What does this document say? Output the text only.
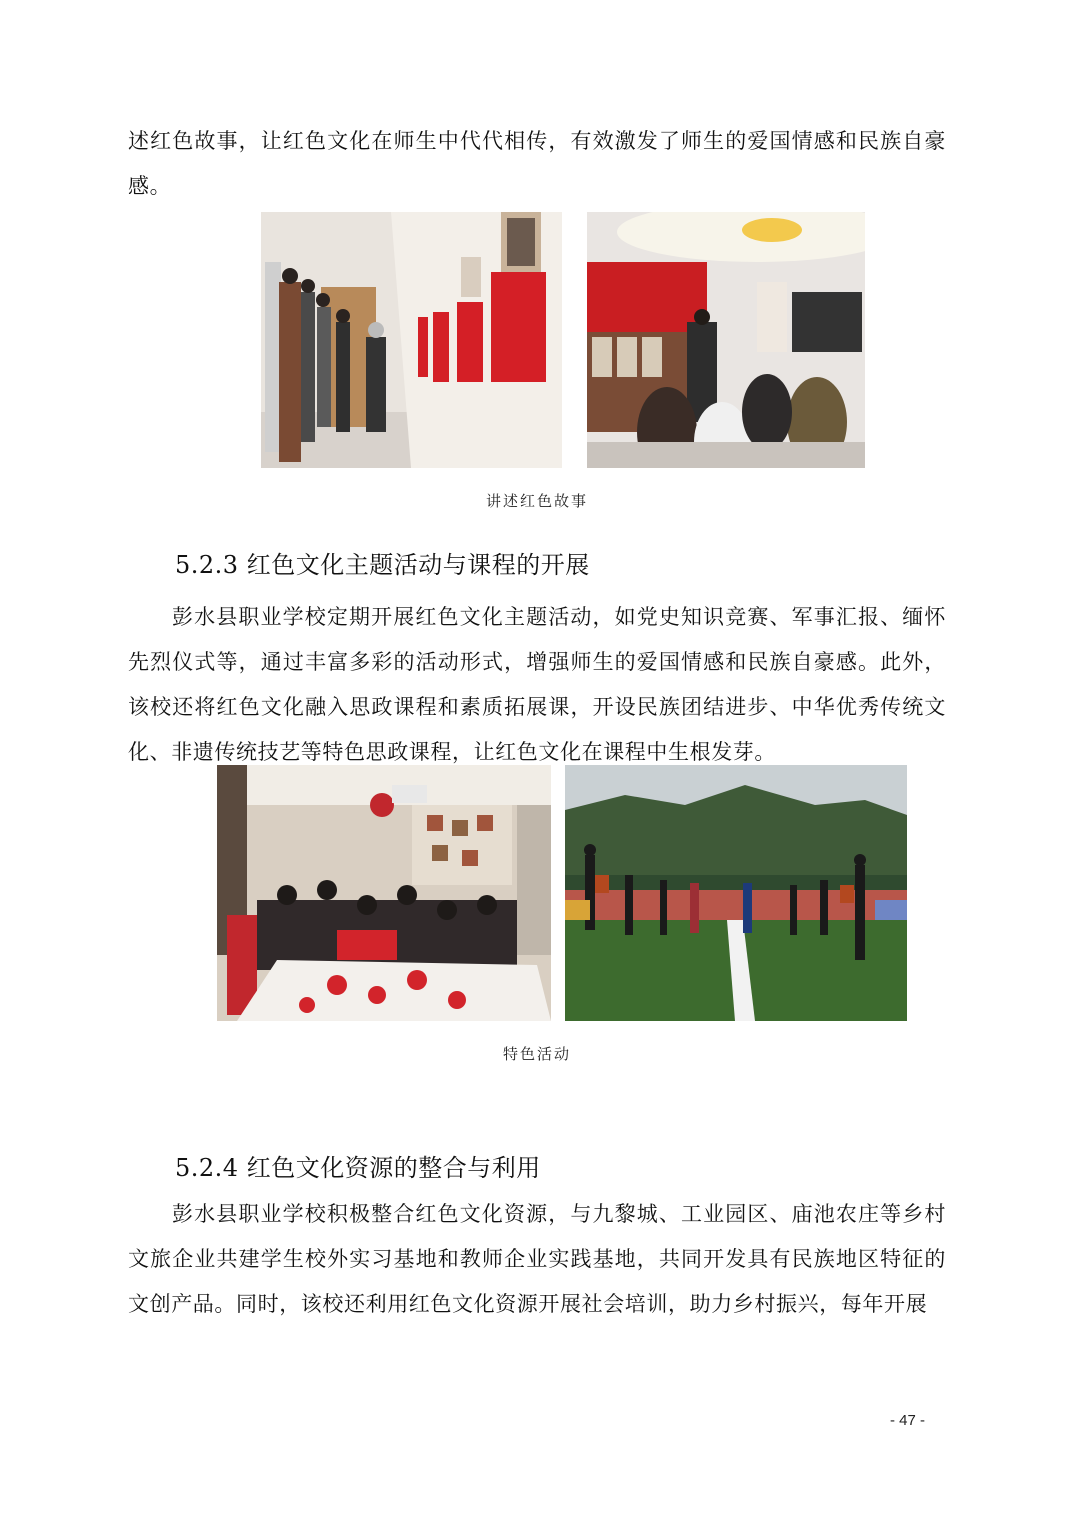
述红色故事，让红色文化在师生中代代相传，有效激发了师生的爱国情感和民族自豪感。

讲述红色故事
5.2.3 红色文化主题活动与课程的开展

彭水县职业学校定期开展红色文化主题活动，如党史知识竞赛、军事汇报、缅怀先烈仪式等，通过丰富多彩的活动形式，增强师生的爱国情感和民族自豪感。此外，该校还将红色文化融入思政课程和素质拓展课，开设民族团结进步、中华优秀传统文化、非遗传统技艺等特色思政课程，让红色文化在课程中生根发芽。

特色活动
5.2.4 红色文化资源的整合与利用

彭水县职业学校积极整合红色文化资源，与九黎城、工业园区、庙池农庄等乡村文旅企业共建学生校外实习基地和教师企业实践基地，共同开发具有民族地区特征的文创产品。同时，该校还利用红色文化资源开展社会培训，助力乡村振兴，每年开展

- 47 -
